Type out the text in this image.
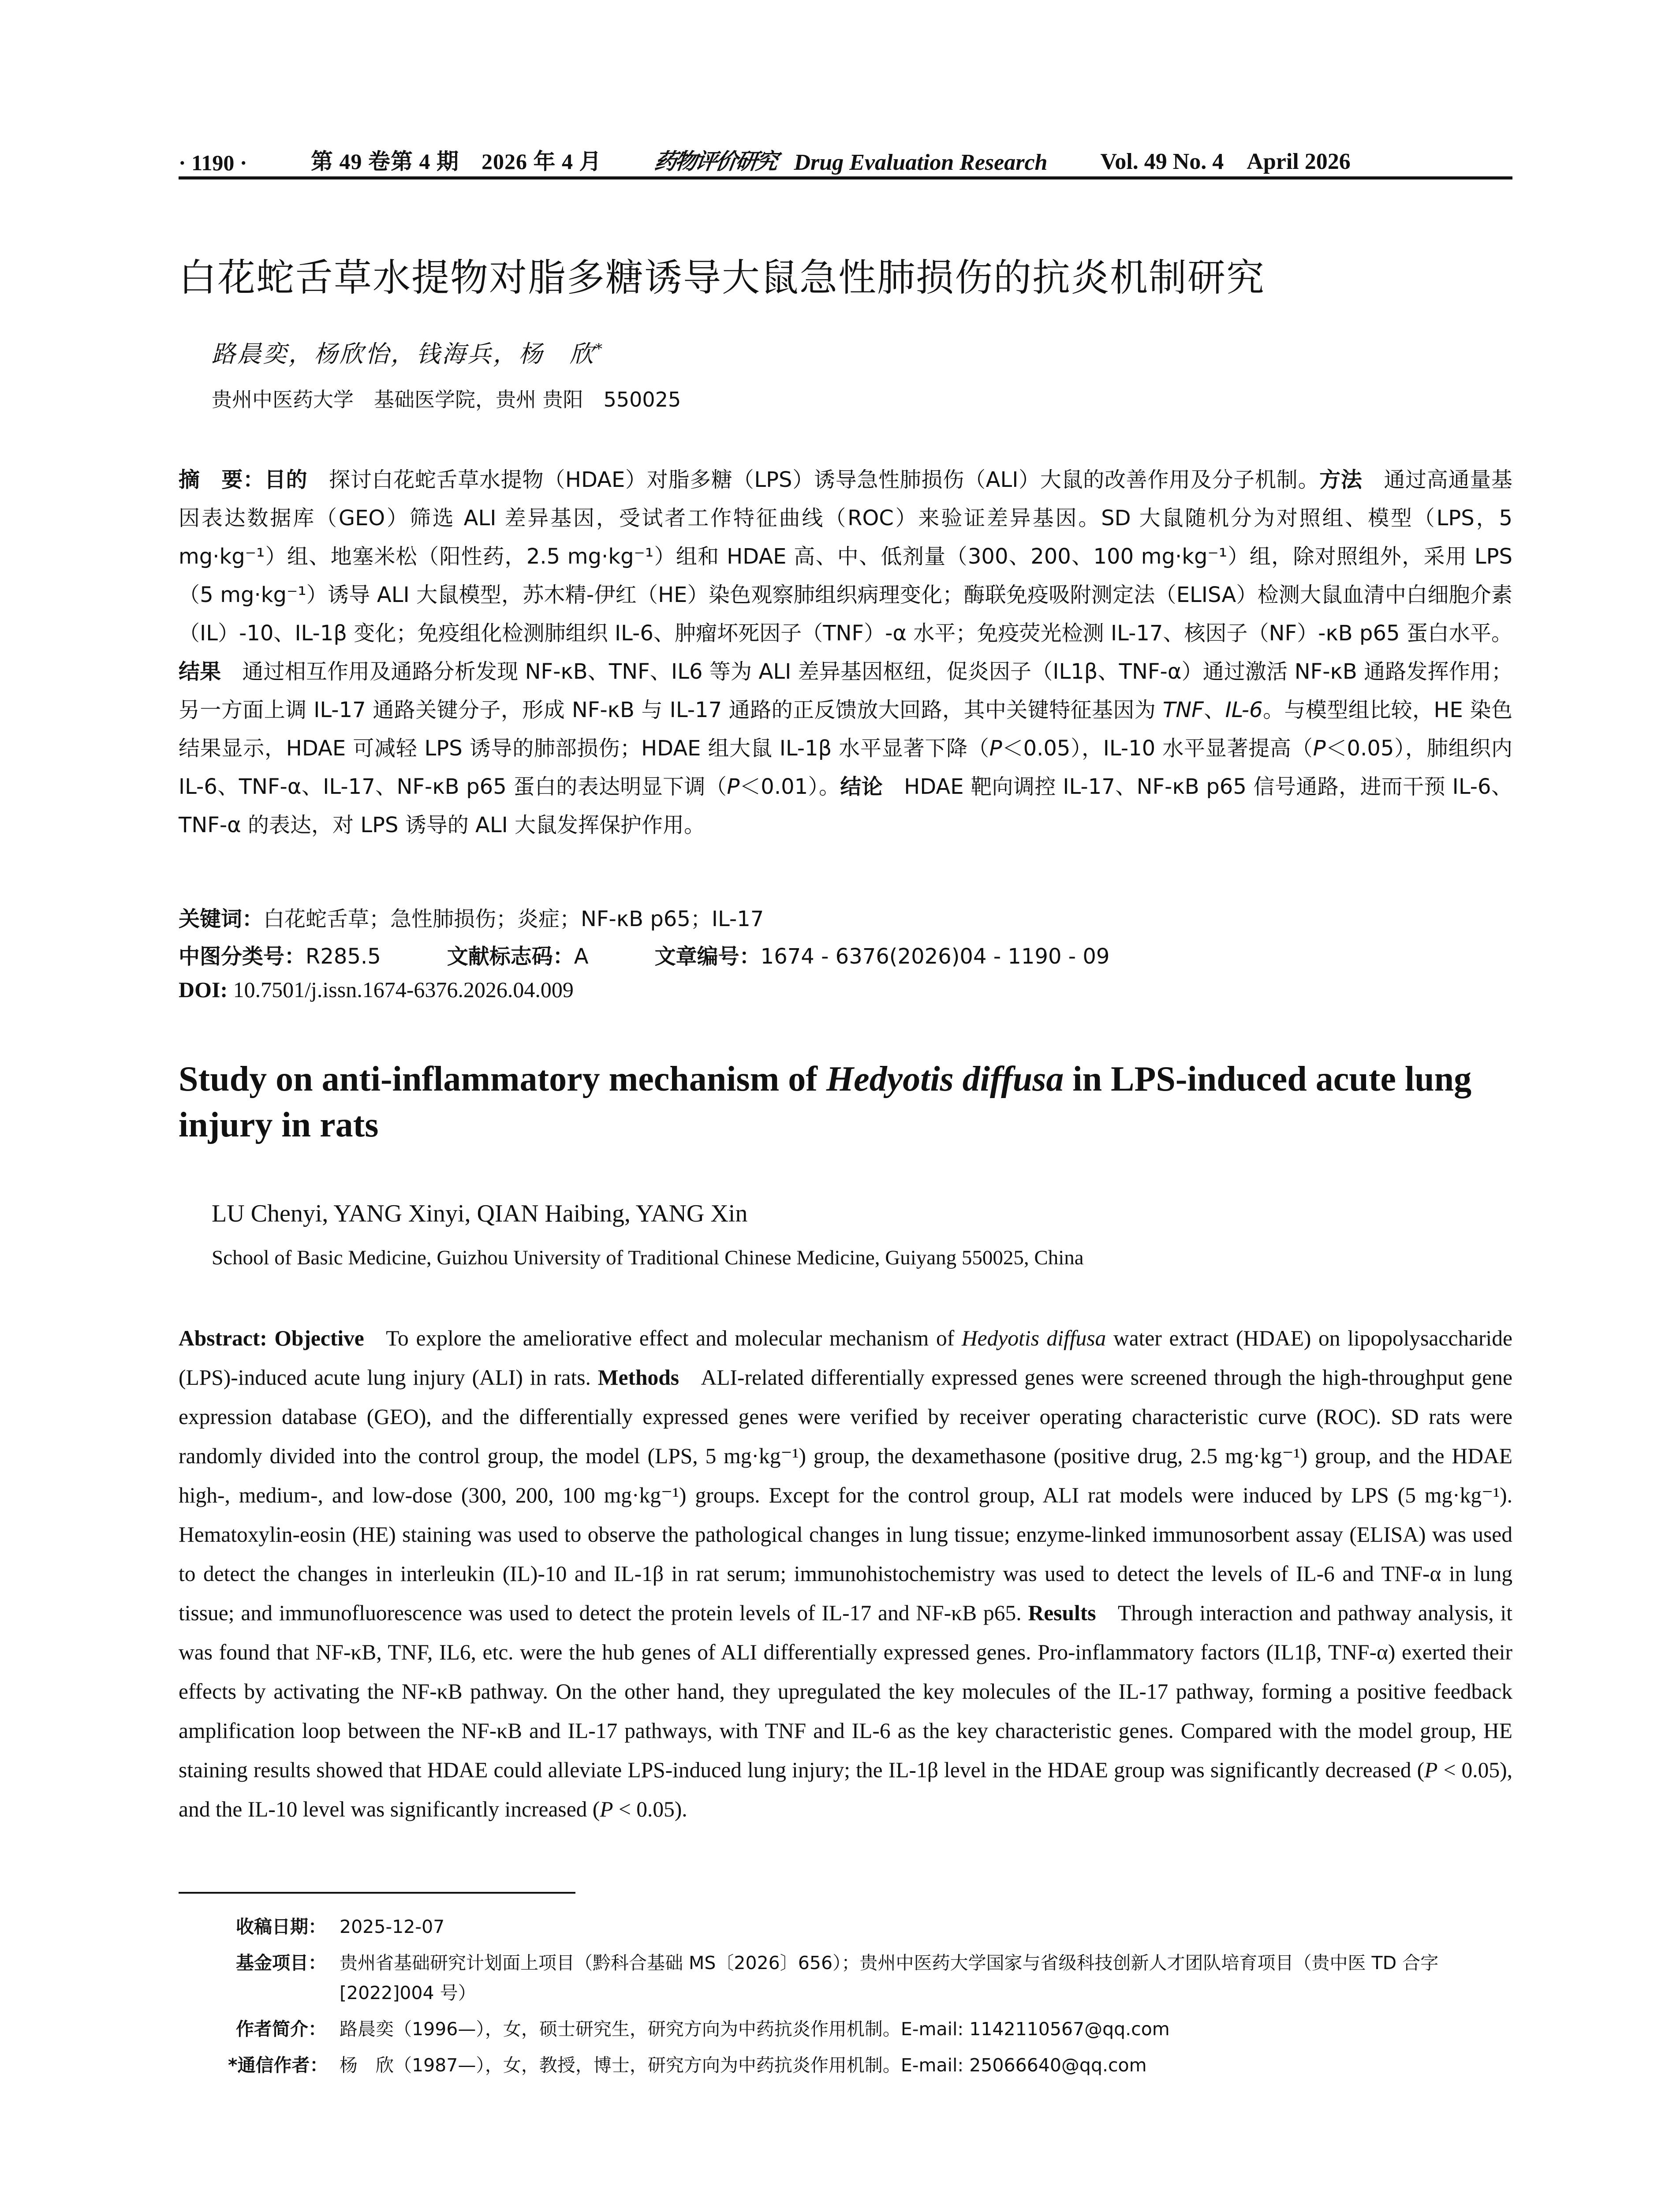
· 1190 ·	第 49 卷第 4 期　2026 年 4 月 药物评价研究 Drug Evaluation Research Vol. 49 No. 4　April 2026
白花蛇舌草水提物对脂多糖诱导大鼠急性肺损伤的抗炎机制研究
路晨奕，杨欣怡，钱海兵，杨　欣*
贵州中医药大学　基础医学院，贵州 贵阳　550025
摘　要：目的  探讨白花蛇舌草水提物（HDAE）对脂多糖（LPS）诱导急性肺损伤（ALI）大鼠的改善作用及分子机制。方法  通过高通量基因表达数据库（GEO）筛选 ALI 差异基因，受试者工作特征曲线（ROC）来验证差异基因。SD 大鼠随机分为对照组、模型（LPS，5 mg·kg⁻¹）组、地塞米松（阳性药，2.5 mg·kg⁻¹）组和 HDAE 高、中、低剂量（300、200、100 mg·kg⁻¹）组，除对照组外，采用 LPS（5 mg·kg⁻¹）诱导 ALI 大鼠模型，苏木精-伊红（HE）染色观察肺组织病理变化；酶联免疫吸附测定法（ELISA）检测大鼠血清中白细胞介素（IL）-10、IL-1β 变化；免疫组化检测肺组织 IL-6、肿瘤坏死因子（TNF）-α 水平；免疫荧光检测 IL-17、核因子（NF）-κB p65 蛋白水平。结果  通过相互作用及通路分析发现 NF-κB、TNF、IL6 等为 ALI 差异基因枢纽，促炎因子（IL1β、TNF-α）通过激活 NF-κB 通路发挥作用；另一方面上调 IL-17 通路关键分子，形成 NF-κB 与 IL-17 通路的正反馈放大回路，其中关键特征基因为 TNF、IL-6。与模型组比较，HE 染色结果显示，HDAE 可减轻 LPS 诱导的肺部损伤；HDAE 组大鼠 IL-1β 水平显著下降（P＜0.05），IL-10 水平显著提高（P＜0.05），肺组织内 IL-6、TNF-α、IL-17、NF-κB p65 蛋白的表达明显下调（P＜0.01）。结论  HDAE 靶向调控 IL-17、NF-κB p65 信号通路，进而干预 IL-6、TNF-α 的表达，对 LPS 诱导的 ALI 大鼠发挥保护作用。
关键词：白花蛇舌草；急性肺损伤；炎症；NF-κB p65；IL-17
中图分类号：R285.5	文献标志码：A	文章编号：1674 - 6376(2026)04 - 1190 - 09
DOI: 10.7501/j.issn.1674-6376.2026.04.009
Study on anti-inflammatory mechanism of Hedyotis diffusa in LPS-induced acute lung injury in rats
LU Chenyi, YANG Xinyi, QIAN Haibing, YANG Xin
School of Basic Medicine, Guizhou University of Traditional Chinese Medicine, Guiyang 550025, China
Abstract: Objective  To explore the ameliorative effect and molecular mechanism of Hedyotis diffusa water extract (HDAE) on lipopolysaccharide (LPS)-induced acute lung injury (ALI) in rats. Methods  ALI-related differentially expressed genes were screened through the high-throughput gene expression database (GEO), and the differentially expressed genes were verified by receiver operating characteristic curve (ROC). SD rats were randomly divided into the control group, the model (LPS, 5 mg·kg⁻¹) group, the dexamethasone (positive drug, 2.5 mg·kg⁻¹) group, and the HDAE high-, medium-, and low-dose (300, 200, 100 mg·kg⁻¹) groups. Except for the control group, ALI rat models were induced by LPS (5 mg·kg⁻¹). Hematoxylin-eosin (HE) staining was used to observe the pathological changes in lung tissue; enzyme-linked immunosorbent assay (ELISA) was used to detect the changes in interleukin (IL)-10 and IL-1β in rat serum; immunohistochemistry was used to detect the levels of IL-6 and TNF-α in lung tissue; and immunofluorescence was used to detect the protein levels of IL-17 and NF-κB p65. Results  Through interaction and pathway analysis, it was found that NF-κB, TNF, IL6, etc. were the hub genes of ALI differentially expressed genes. Pro-inflammatory factors (IL1β, TNF-α) exerted their effects by activating the NF-κB pathway. On the other hand, they upregulated the key molecules of the IL-17 pathway, forming a positive feedback amplification loop between the NF-κB and IL-17 pathways, with TNF and IL-6 as the key characteristic genes. Compared with the model group, HE staining results showed that HDAE could alleviate LPS-induced lung injury; the IL-1β level in the HDAE group was significantly decreased (P < 0.05), and the IL-10 level was significantly increased (P < 0.05).
收稿日期： 2025-12-07
基金项目： 贵州省基础研究计划面上项目（黔科合基础 MS〔2026〕656）；贵州中医药大学国家与省级科技创新人才团队培育项目（贵中医 TD 合字[2022]004 号）
作者简介： 路晨奕（1996—），女，硕士研究生，研究方向为中药抗炎作用机制。E-mail: 1142110567@qq.com
*通信作者： 杨　欣（1987—），女，教授，博士，研究方向为中药抗炎作用机制。E-mail: 25066640@qq.com
